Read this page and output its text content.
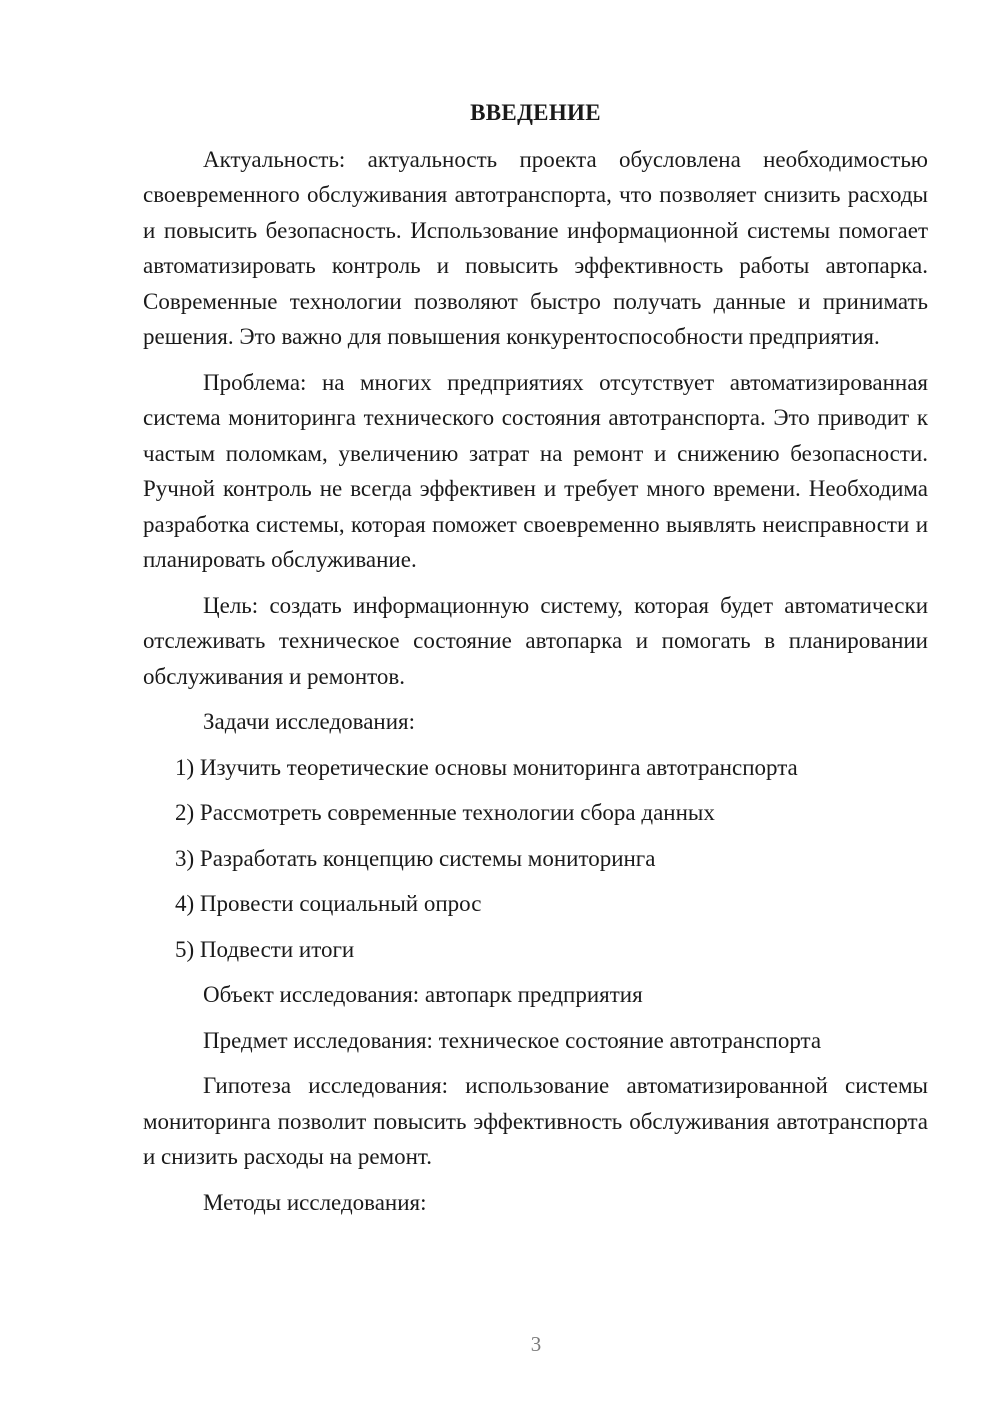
ВВЕДЕНИЕ

Актуальность: актуальность проекта обусловлена необходимостью своевременного обслуживания автотранспорта, что позволяет снизить расходы и повысить безопасность. Использование информационной системы помогает автоматизировать контроль и повысить эффективность работы автопарка. Современные технологии позволяют быстро получать данные и принимать решения. Это важно для повышения конкурентоспособности предприятия.

Проблема: на многих предприятиях отсутствует автоматизированная система мониторинга технического состояния автотранспорта. Это приводит к частым поломкам, увеличению затрат на ремонт и снижению безопасности. Ручной контроль не всегда эффективен и требует много времени. Необходима разработка системы, которая поможет своевременно выявлять неисправности и планировать обслуживание.

Цель: создать информационную систему, которая будет автоматически отслеживать техническое состояние автопарка и помогать в планировании обслуживания и ремонтов.

Задачи исследования:

1) Изучить теоретические основы мониторинга автотранспорта
2) Рассмотреть современные технологии сбора данных
3) Разработать концепцию системы мониторинга
4) Провести социальный опрос
5) Подвести итоги

Объект исследования: автопарк предприятия

Предмет исследования: техническое состояние автотранспорта

Гипотеза исследования: использование автоматизированной системы мониторинга позволит повысить эффективность обслуживания автотранспорта и снизить расходы на ремонт.

Методы исследования:

3
